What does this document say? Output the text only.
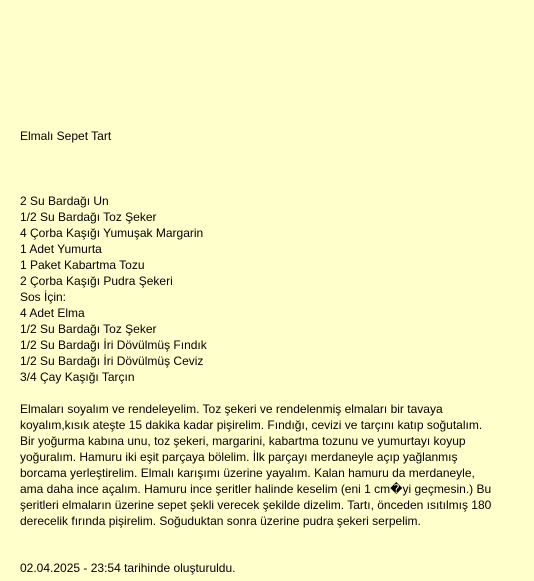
Elmalı Sepet Tart
2 Su Bardağı Un
1/2 Su Bardağı Toz Şeker
4 Çorba Kaşığı Yumuşak Margarin
1 Adet Yumurta
1 Paket Kabartma Tozu
2 Çorba Kaşığı Pudra Şekeri
Sos İçin:
4 Adet Elma
1/2 Su Bardağı Toz Şeker
1/2 Su Bardağı İri Dövülmüş Fındık
1/2 Su Bardağı İri Dövülmüş Ceviz
3/4 Çay Kaşığı Tarçın

Elmaları soyalım ve rendeleyelim. Toz şekeri ve rendelenmiş elmaları bir tavaya koyalım,kısık ateşte 15 dakika kadar pişirelim. Fındığı, cevizi ve tarçını katıp soğutalım. Bir yoğurma kabına unu, toz şekeri, margarini, kabartma tozunu ve yumurtayı koyup yoğuralım. Hamuru iki eşit parçaya bölelim. İlk parçayı merdaneyle açıp yağlanmış borcama yerleştirelim. Elmalı karışımı üzerine yayalım. Kalan hamuru da merdaneyle, ama daha ince açalım. Hamuru ince şeritler halinde keselim (eni 1 cm�yi geçmesin.) Bu şeritleri elmaların üzerine sepet şekli verecek şekilde dizelim. Tartı, önceden ısıtılmış 180 derecelik fırında pişirelim. Soğuduktan sonra üzerine pudra şekeri serpelim.

02.04.2025 - 23:54 tarihinde oluşturuldu.
